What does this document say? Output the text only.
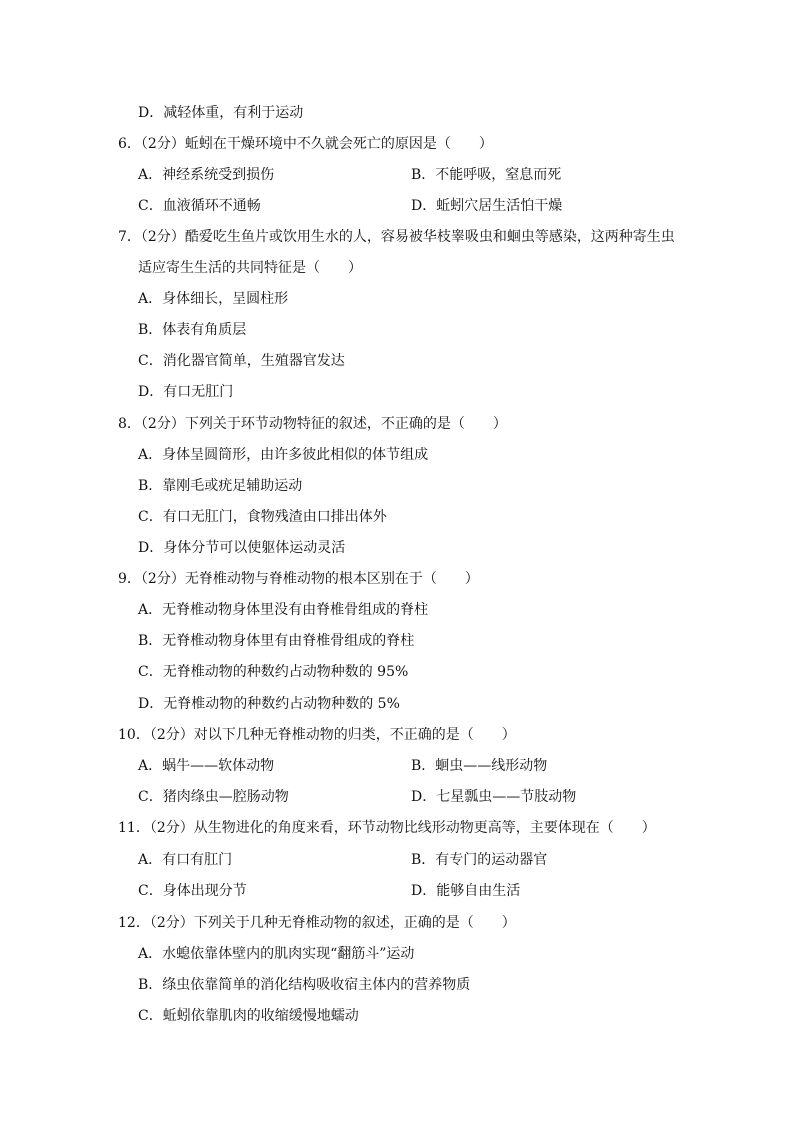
D．减轻体重，有利于运动
6．（2分）蚯蚓在干燥环境中不久就会死亡的原因是（　　）
A．神经系统受到损伤	B．不能呼吸，窒息而死
C．血液循环不通畅	D．蚯蚓穴居生活怕干燥
7．（2分）酷爱吃生鱼片或饮用生水的人，容易被华枝睾吸虫和蛔虫等感染，这两种寄生虫
适应寄生生活的共同特征是（　　）
A．身体细长，呈圆柱形
B．体表有角质层
C．消化器官简单，生殖器官发达
D．有口无肛门
8．（2分）下列关于环节动物特征的叙述，不正确的是（　　）
A．身体呈圆筒形，由许多彼此相似的体节组成
B．靠刚毛或疣足辅助运动
C．有口无肛门，食物残渣由口排出体外
D．身体分节可以使躯体运动灵活
9．（2分）无脊椎动物与脊椎动物的根本区别在于（　　）
A．无脊椎动物身体里没有由脊椎骨组成的脊柱
B．无脊椎动物身体里有由脊椎骨组成的脊柱
C．无脊椎动物的种数约占动物种数的 95%
D．无脊椎动物的种数约占动物种数的 5%
10．（2分）对以下几种无脊椎动物的归类，不正确的是（　　）
A．蜗牛——软体动物	B．蛔虫——线形动物
C．猪肉绦虫—腔肠动物	D．七星瓢虫——节肢动物
11．（2分）从生物进化的角度来看，环节动物比线形动物更高等，主要体现在（　　）
A．有口有肛门	B．有专门的运动器官
C．身体出现分节	D．能够自由生活
12．（2分）下列关于几种无脊椎动物的叙述，正确的是（　　）
A．水螅依靠体壁内的肌肉实现“翻筋斗”运动
B．绦虫依靠简单的消化结构吸收宿主体内的营养物质
C．蚯蚓依靠肌肉的收缩缓慢地蠕动
